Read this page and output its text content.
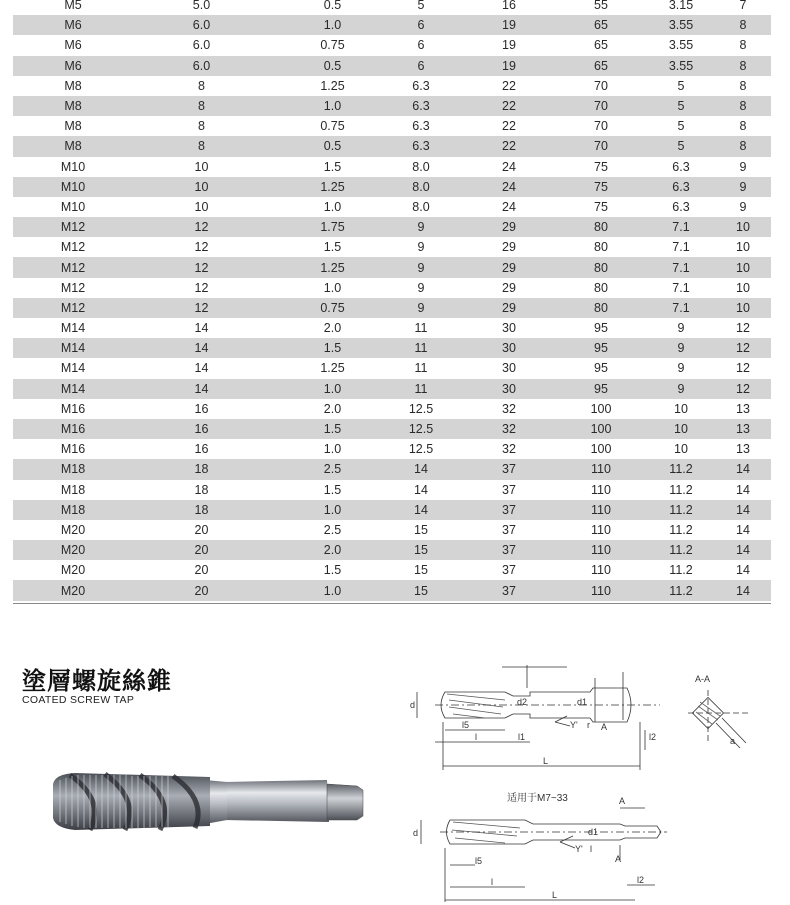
M5	5.0	0.5	5	16	55	3.15	7
M6	6.0	1.0	6	19	65	3.55	8
M6	6.0	0.75	6	19	65	3.55	8
M6	6.0	0.5	6	19	65	3.55	8
M8	8	1.25	6.3	22	70	5	8
M8	8	1.0	6.3	22	70	5	8
M8	8	0.75	6.3	22	70	5	8
M8	8	0.5	6.3	22	70	5	8
M10	10	1.5	8.0	24	75	6.3	9
M10	10	1.25	8.0	24	75	6.3	9
M10	10	1.0	8.0	24	75	6.3	9
M12	12	1.75	9	29	80	7.1	10
M12	12	1.5	9	29	80	7.1	10
M12	12	1.25	9	29	80	7.1	10
M12	12	1.0	9	29	80	7.1	10
M12	12	0.75	9	29	80	7.1	10
M14	14	2.0	11	30	95	9	12
M14	14	1.5	11	30	95	9	12
M14	14	1.25	11	30	95	9	12
M14	14	1.0	11	30	95	9	12
M16	16	2.0	12.5	32	100	10	13
M16	16	1.5	12.5	32	100	10	13
M16	16	1.0	12.5	32	100	10	13
M18	18	2.5	14	37	110	11.2	14
M18	18	1.5	14	37	110	11.2	14
M18	18	1.0	14	37	110	11.2	14
M20	20	2.5	15	37	110	11.2	14
M20	20	2.0	15	37	110	11.2	14
M20	20	1.5	15	37	110	11.2	14
M20	20	1.0	15	37	110	11.2	14
塗層螺旋絲錐
COATED SCREW TAP	d	d2	d1
l5
l	l1	l2
L
Y' r A
A-A
a
适用于M7~33
d	d1
l5
l	l2
L
Y' l
A
A
